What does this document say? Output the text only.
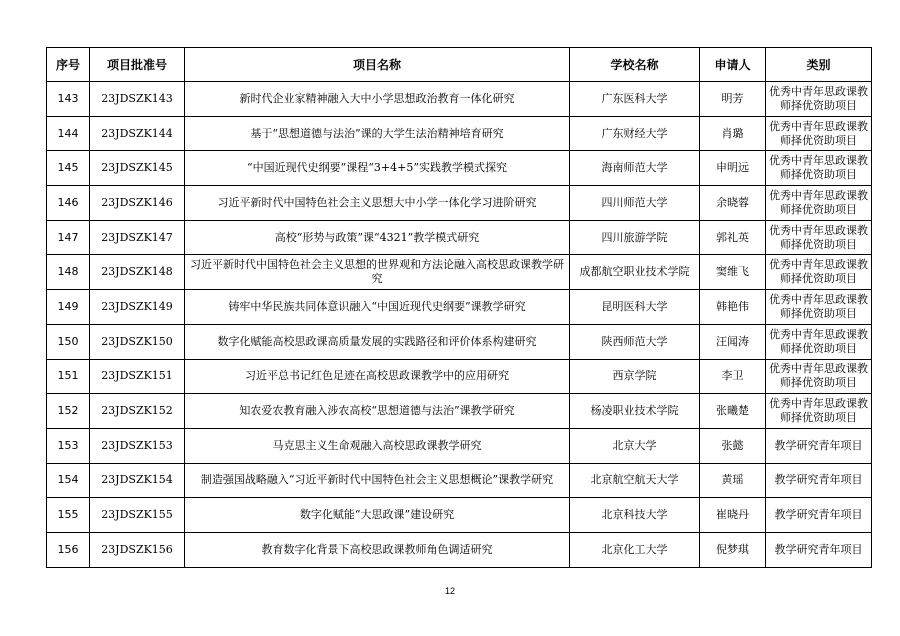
序号	项目批准号	项目名称	学校名称	申请人	类别
143	23JDSZK143	新时代企业家精神融入大中小学思想政治教育一体化研究	广东医科大学	明芳	优秀中青年思政课教师择优资助项目
144	23JDSZK144	基于“思想道德与法治”课的大学生法治精神培育研究	广东财经大学	肖璐	优秀中青年思政课教师择优资助项目
145	23JDSZK145	“中国近现代史纲要”课程“3+4+5”实践教学模式探究	海南师范大学	申明远	优秀中青年思政课教师择优资助项目
146	23JDSZK146	习近平新时代中国特色社会主义思想大中小学一体化学习进阶研究	四川师范大学	余晓蓉	优秀中青年思政课教师择优资助项目
147	23JDSZK147	高校“形势与政策”课“4321”教学模式研究	四川旅游学院	郭礼英	优秀中青年思政课教师择优资助项目
148	23JDSZK148	习近平新时代中国特色社会主义思想的世界观和方法论融入高校思政课教学研究	成都航空职业技术学院	窦维飞	优秀中青年思政课教师择优资助项目
149	23JDSZK149	铸牢中华民族共同体意识融入“中国近现代史纲要”课教学研究	昆明医科大学	韩艳伟	优秀中青年思政课教师择优资助项目
150	23JDSZK150	数字化赋能高校思政课高质量发展的实践路径和评价体系构建研究	陕西师范大学	汪闻涛	优秀中青年思政课教师择优资助项目
151	23JDSZK151	习近平总书记红色足迹在高校思政课教学中的应用研究	西京学院	李卫	优秀中青年思政课教师择优资助项目
152	23JDSZK152	知农爱农教育融入涉农高校“思想道德与法治”课教学研究	杨凌职业技术学院	张曦楚	优秀中青年思政课教师择优资助项目
153	23JDSZK153	马克思主义生命观融入高校思政课教学研究	北京大学	张懿	教学研究青年项目
154	23JDSZK154	制造强国战略融入“习近平新时代中国特色社会主义思想概论”课教学研究	北京航空航天大学	黄瑶	教学研究青年项目
155	23JDSZK155	数字化赋能“大思政课”建设研究	北京科技大学	崔晓丹	教学研究青年项目
156	23JDSZK156	教育数字化背景下高校思政课教师角色调适研究	北京化工大学	倪梦琪	教学研究青年项目
12
